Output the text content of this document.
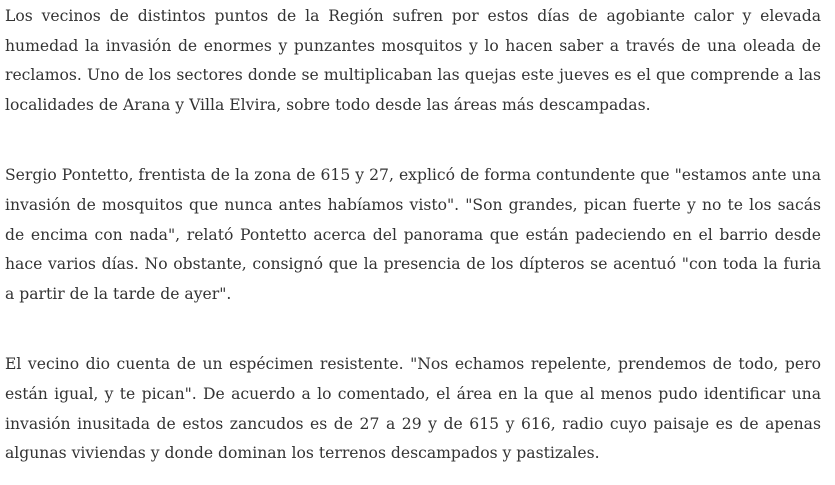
Los vecinos de distintos puntos de la Región sufren por estos días de agobiante calor y elevada humedad la invasión de enormes y punzantes mosquitos y lo hacen saber a través de una oleada de reclamos. Uno de los sectores donde se multiplicaban las quejas este jueves es el que comprende a las localidades de Arana y Villa Elvira, sobre todo desde las áreas más descampadas.

Sergio Pontetto, frentista de la zona de 615 y 27, explicó de forma contundente que "estamos ante una invasión de mosquitos que nunca antes habíamos visto". "Son grandes, pican fuerte y no te los sacás de encima con nada", relató Pontetto acerca del panorama que están padeciendo en el barrio desde hace varios días. No obstante, consignó que la presencia de los dípteros se acentuó "con toda la furia a partir de la tarde de ayer".

El vecino dio cuenta de un espécimen resistente. "Nos echamos repelente, prendemos de todo, pero están igual, y te pican". De acuerdo a lo comentado, el área en la que al menos pudo identificar una invasión inusitada de estos zancudos es de 27 a 29 y de 615 y 616, radio cuyo paisaje es de apenas algunas viviendas y donde dominan los terrenos descampados y pastizales.
